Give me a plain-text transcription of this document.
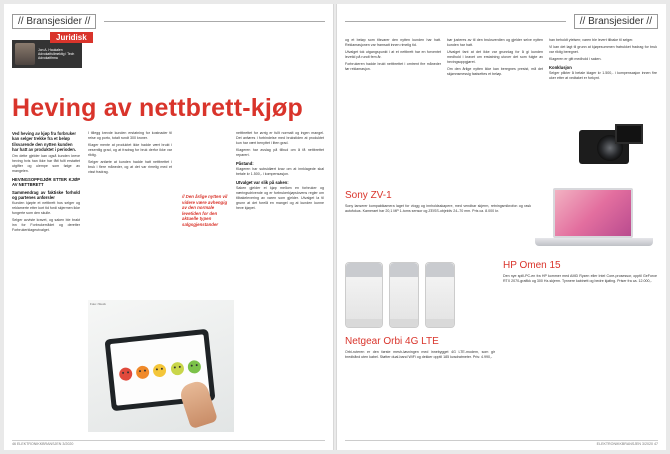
// Bransjesider //
Juridisk
Jon A. Haukalen Advokatfullmektig i Tech Advokatfirma
Heving av nettbrett-kjøp
Ved heving av kjøp fra forbruker kan selger trekke fra et beløp tilsvarende den nytten kunden har hatt av produktet i perioden.

Om dette gjelder kan også kunden kreve heving hvis han ikke har fått fullt erstattet utgifter og ulempe som følge av mangelen.

HEVINGSOPPGJØR ETTER KJØP AV NETTBRETT
Sammendrag av faktiske forhold og partenes anførsler

Kunden kjøpte et nettbrett hos selger og reklamerte etter kort tid fordi skjermen ikke fungerte som den skulle.

Selger avviste kravet, og saken ble brakt inn for Forbrukerrådet og deretter Forbrukerklageutvalget.

I tillegg krevde kunden erstatning for kostnader til reise og porto, totalt rundt 300 kroner.

Klager mente at produktet ikke hadde vært brukt i vesentlig grad, og at fradrag for bruk derfor ikke var riktig.

Selger anførte at kunden hadde hatt nettbrettet i bruk i flere måneder, og at det var rimelig med et visst fradrag.

// Den årlige nytten vil videre være avhengig av den normale levetiden for den aktuelle typen salgsgjenstander

nettbrettet for øvrig er fullt normalt og ingen mangel. Det anføres i forbindelse med brukstiden at produktet kun har vært benyttet i liten grad.

Klageren har avslag på tilbud om å få nettbrettet reparert.

Påstand:

Klageren har subsidiært krav om at innklagede skal betale kr 1.500,- i kompensasjon.

Utvalget var slik på saken:

Saken gjelder et kjøp mellom en forbruker og næringsdrivende og er forbrukerkjøpslovens regler om tilbakelevering av varen som gjelder. Utvalget la til grunn at det forelå en mangel og at kunden kunne heve kjøpet.

Foto: iStock
46 ELEKTRONIKKBRANSJEN 3/2020
// Bransjesider //

og et beløp som tilsvarer den nytten kunden har hatt. Reklamasjonen var framsatt innen rimelig tid.

Utvalget tok utgangspunkt i at et nettbrett har en forventet levetid på rundt fem år.

Forbrukeren hadde brukt nettbrettet i omtrent fire måneder før reklamasjon.

bør justeres av til den bruksverdien og gjelder selve nytten kunden har hatt.

Utvalget fant at det ikke var grunnlag for å gi kunden medhold i kravet om erstatning utover det som fulgte av hevingsoppgjøret.

Om den årlige nytten ikke kan beregnes presist, må det skjønnsmessig fastsettes et beløp.

han beholdt ytelsen; varen ble levert tilbake til selger.

Vi kan det lagt til grunn at kjøpesummen fratrukket fradrag for bruk var riktig beregnet.

Klageren er gitt medhold i saken.

Konklusjon

Selger plikter å betale klager kr 1.500,- i kompensasjon innen fire uker etter at vedtaket er forkynt.

Sony ZV-1

Sony lanserer kompaktkamera laget for vlogg og innholdsskapere, med vendbar skjerm, retningsmikrofon og rask autofokus. Kameraet har 20,1 MP 1-toms sensor og ZEISS-objektiv 24–70 mm. Pris ca. 8.000 kr.

Netgear Orbi 4G LTE

Orbi-ruteren er den første mesh-løsningen med innebygget 4G LTE-modem, som gir bredbånd uten kabel. Støtter dual-band WiFi og dekker opptil 185 kvadratmeter. Pris: 4.990,-

HP Omen 15

Den nye spill-PC-en fra HP kommer med AMD Ryzen eller Intel Core-prosessor, opptil GeForce RTX 2070-grafikk og 300 Hz-skjerm. Tynnere kabinett og bedre kjøling. Priser fra ca. 12.000,-

ELEKTRONIKKBRANSJEN 3/2020 47
